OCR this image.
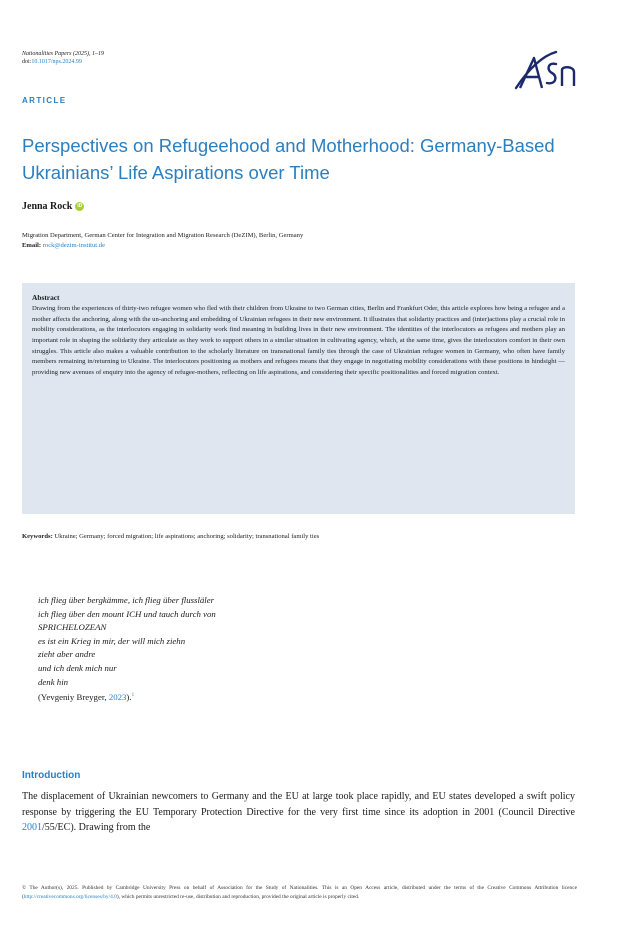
Nationalities Papers (2025), 1–19
doi:10.1017/nps.2024.99
ARTICLE
Perspectives on Refugeehood and Motherhood: Germany-Based Ukrainians’ Life Aspirations over Time
Jenna Rock	iD
Migration Department, German Center for Integration and Migration Research (DeZIM), Berlin, Germany
Email: rock@dezim-institut.de
Abstract

Drawing from the experiences of thirty-two refugee women who fled with their children from Ukraine to two German cities, Berlin and Frankfurt Oder, this article explores how being a refugee and a mother affects the anchoring, along with the un-anchoring and embedding of Ukrainian refugees in their new environment. It illustrates that solidarity practices and (inter)actions play a crucial role in mobility considerations, as the interlocutors engaging in solidarity work find meaning in building lives in their new environment. The identities of the interlocutors as refugees and mothers play an important role in shaping the solidarity they articulate as they work to support others in a similar situation in cultivating agency, which, at the same time, gives the interlocutors comfort in their own struggles. This article also makes a valuable contribution to the scholarly literature on transnational family ties through the case of Ukrainian refugee women in Germany, who often have family members remaining in/returning to Ukraine. The interlocutors positioning as mothers and refugees means that they engage in negotiating mobility considerations with these positions in hindsight — providing new avenues of enquiry into the agency of refugee-mothers, reflecting on life aspirations, and considering their specific positionalities and forced migration context.

Keywords: Ukraine; Germany; forced migration; life aspirations; anchoring; solidarity; transnational family ties
ich flieg über bergkämme, ich flieg über flussläler
ich flieg über den mount ICH und tauch durch von
SPRICHELOZEAN
es ist ein Krieg in mir, der will mich ziehn
zieht aber andre
und ich denk mich nur
denk hin
(Yevgeniy Breyger, 2023).$^1$
Introduction

The displacement of Ukrainian newcomers to Germany and the EU at large took place rapidly, and EU states developed a swift policy response by triggering the EU Temporary Protection Directive for the very first time since its adoption in 2001 (Council Directive 2001/55/EC). Drawing from the

© The Author(s), 2025. Published by Cambridge University Press on behalf of Association for the Study of Nationalities. This is an Open Access article, distributed under the terms of the Creative Commons Attribution licence (http://creativecommons.org/licenses/by/4.0), which permits unrestricted re-use, distribution and reproduction, provided the original article is properly cited.
